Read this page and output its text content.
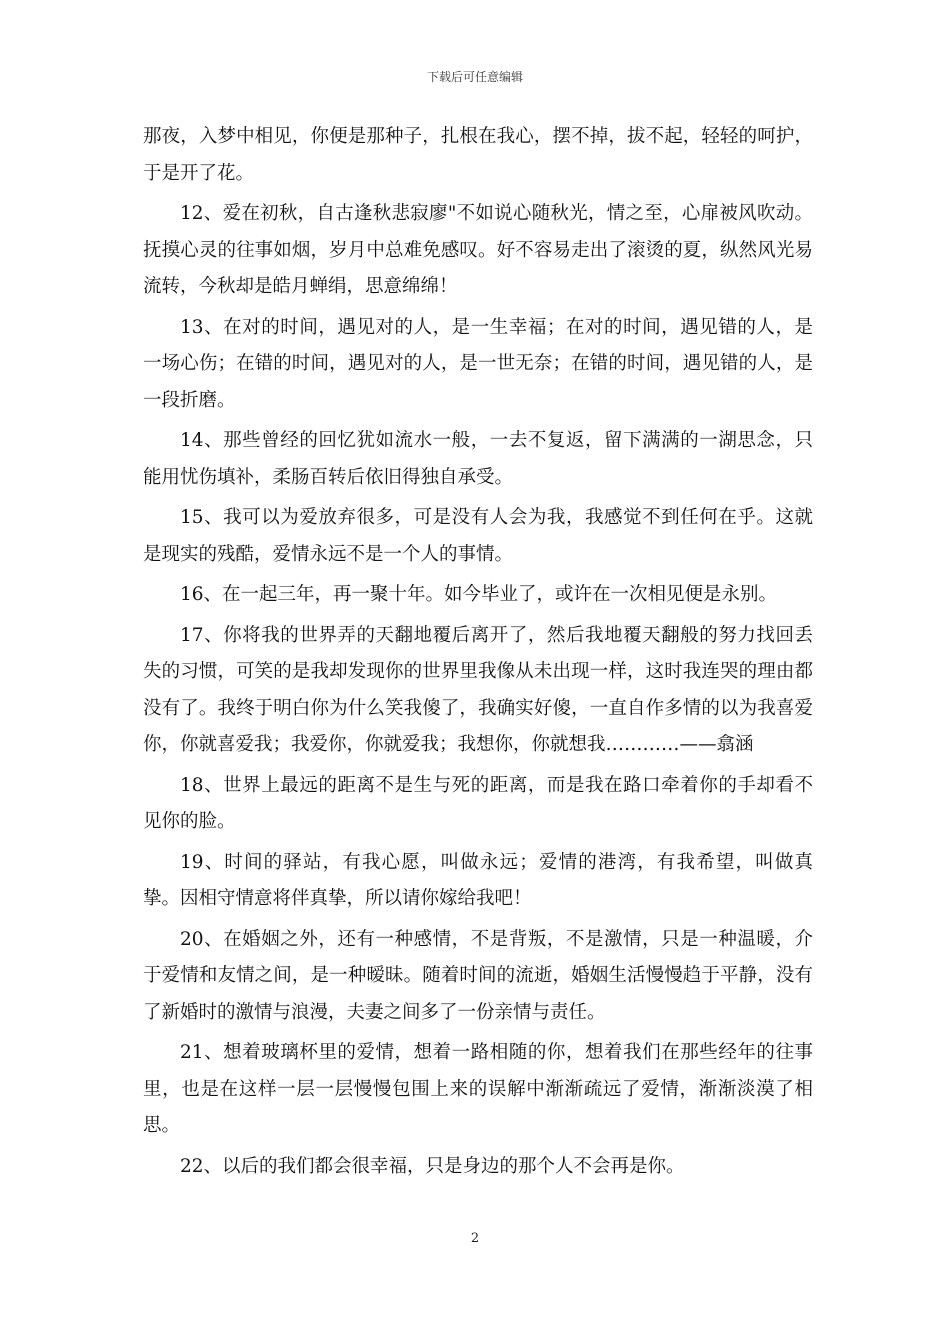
下载后可任意编辑

那夜，入梦中相见，你便是那种子，扎根在我心，摆不掉，拔不起，轻轻的呵护，于是开了花。

12、爱在初秋，自古逢秋悲寂廖"不如说心随秋光，情之至，心扉被风吹动。抚摸心灵的往事如烟，岁月中总难免感叹。好不容易走出了滚烫的夏，纵然风光易流转，今秋却是皓月蝉绢，思意绵绵！

13、在对的时间，遇见对的人，是一生幸福；在对的时间，遇见错的人，是一场心伤；在错的时间，遇见对的人，是一世无奈；在错的时间，遇见错的人，是一段折磨。

14、那些曾经的回忆犹如流水一般，一去不复返，留下满满的一湖思念，只能用忧伤填补，柔肠百转后依旧得独自承受。

15、我可以为爱放弃很多，可是没有人会为我，我感觉不到任何在乎。这就是现实的残酷，爱情永远不是一个人的事情。

16、在一起三年，再一聚十年。如今毕业了，或许在一次相见便是永别。

17、你将我的世界弄的天翻地覆后离开了，然后我地覆天翻般的努力找回丢失的习惯，可笑的是我却发现你的世界里我像从未出现一样，这时我连哭的理由都没有了。我终于明白你为什么笑我傻了，我确实好傻，一直自作多情的以为我喜爱你，你就喜爱我；我爱你，你就爱我；我想你，你就想我…………——翕涵

18、世界上最远的距离不是生与死的距离，而是我在路口牵着你的手却看不见你的脸。

19、时间的驿站，有我心愿，叫做永远；爱情的港湾，有我希望，叫做真挚。因相守情意将伴真挚，所以请你嫁给我吧！

20、在婚姻之外，还有一种感情，不是背叛，不是激情，只是一种温暖，介于爱情和友情之间，是一种暧昧。随着时间的流逝，婚姻生活慢慢趋于平静，没有了新婚时的激情与浪漫，夫妻之间多了一份亲情与责任。

21、想着玻璃杯里的爱情，想着一路相随的你，想着我们在那些经年的往事里，也是在这样一层一层慢慢包围上来的误解中渐渐疏远了爱情，渐渐淡漠了相思。

22、以后的我们都会很幸福，只是身边的那个人不会再是你。

2
